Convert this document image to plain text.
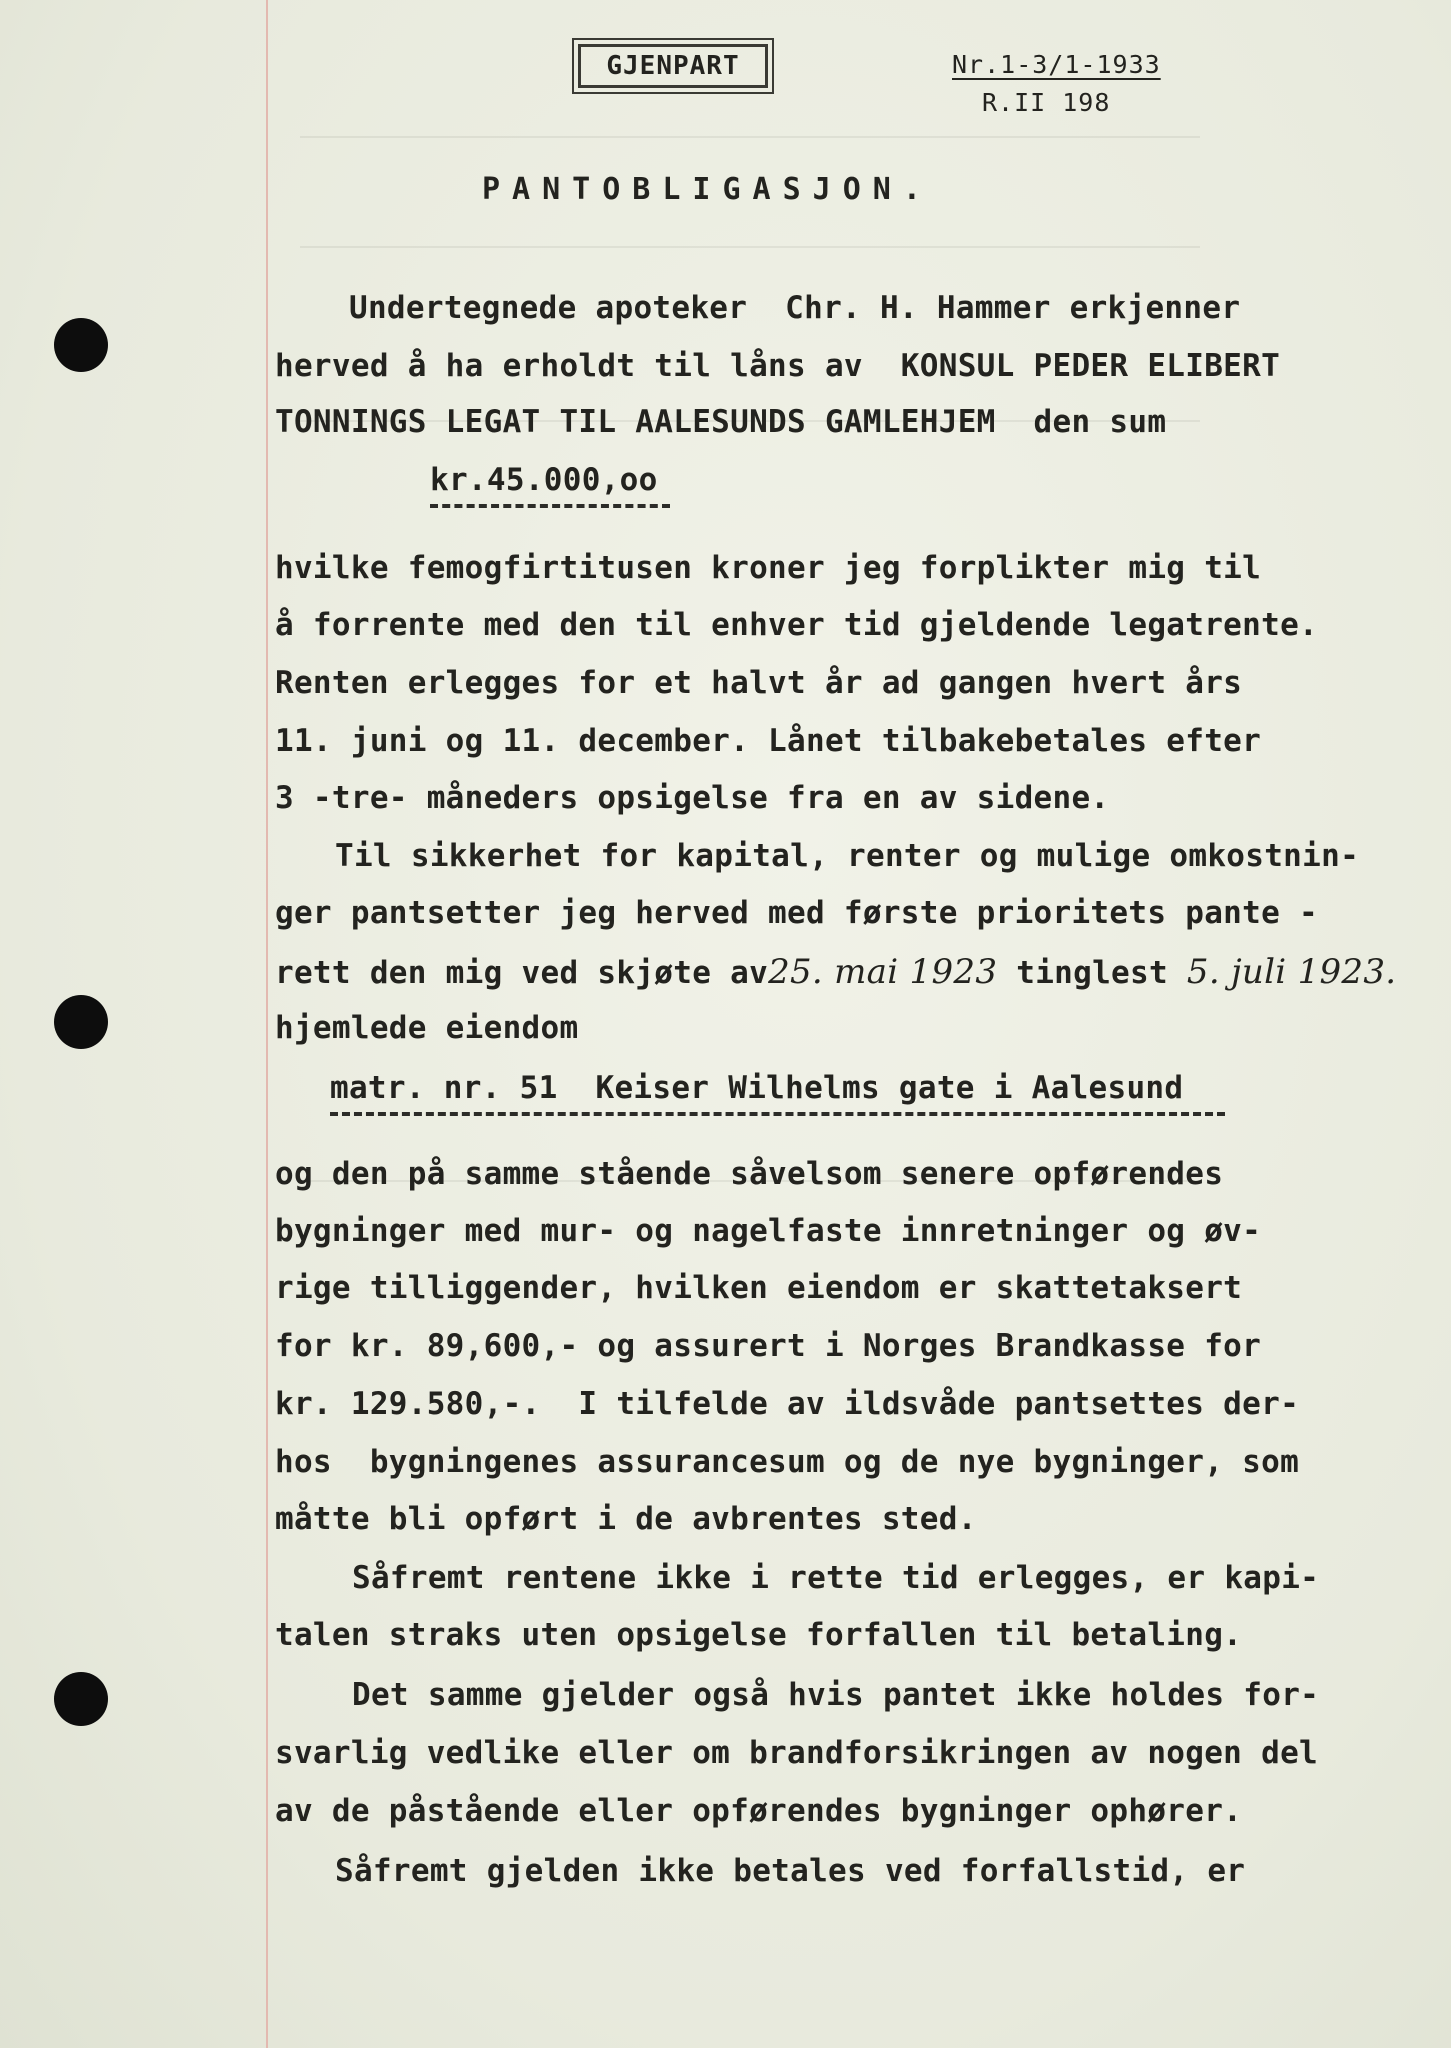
GJENPART	Nr.1-3/1-1933
R.II 198
PANTOBLIGASJON.
Undertegnede apoteker  Chr. H. Hammer erkjenner
herved å ha erholdt til låns av  KONSUL PEDER ELIBERT
TONNINGS LEGAT TIL AALESUNDS GAMLEHJEM  den sum
kr.45.000,oo
hvilke femogfirtitusen kroner jeg forplikter mig til
å forrente med den til enhver tid gjeldende legatrente.
Renten erlegges for et halvt år ad gangen hvert års
11. juni og 11. december. Lånet tilbakebetales efter
3 -tre- måneders opsigelse fra en av sidene.
Til sikkerhet for kapital, renter og mulige omkostnin-
ger pantsetter jeg herved med første prioritets pante -
rett den mig ved skjøte av25. mai 1923 tinglest 5. juli 1923.
hjemlede eiendom
matr. nr. 51  Keiser Wilhelms gate i Aalesund
og den på samme stående såvelsom senere opførendes
bygninger med mur- og nagelfaste innretninger og øv-
rige tilliggender, hvilken eiendom er skattetaksert
for kr. 89,600,- og assurert i Norges Brandkasse for
kr. 129.580,-.  I tilfelde av ildsvåde pantsettes der-
hos  bygningenes assurancesum og de nye bygninger, som
måtte bli opført i de avbrentes sted.
Såfremt rentene ikke i rette tid erlegges, er kapi-
talen straks uten opsigelse forfallen til betaling.
Det samme gjelder også hvis pantet ikke holdes for-
svarlig vedlike eller om brandforsikringen av nogen del
av de påstående eller opførendes bygninger ophører.
Såfremt gjelden ikke betales ved forfallstid, er
